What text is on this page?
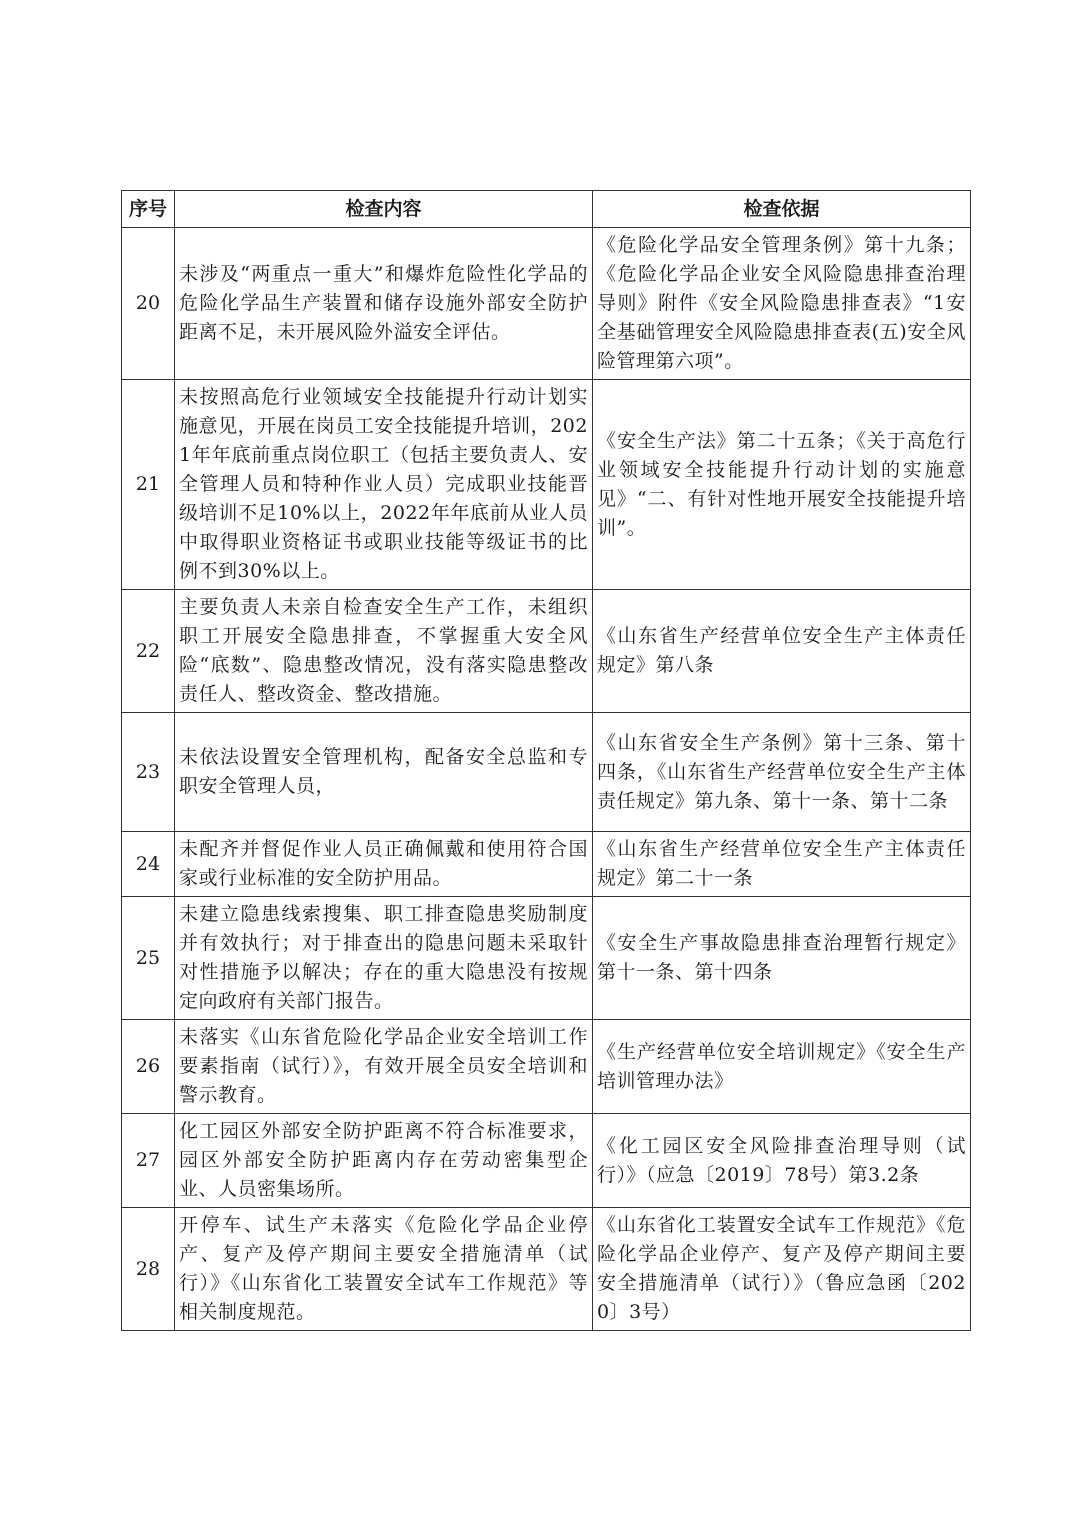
序号	检查内容	检查依据
20	未涉及“两重点一重大”和爆炸危险性化学品的危险化学品生产装置和储存设施外部安全防护距离不足，未开展风险外溢安全评估。	《危险化学品安全管理条例》第十九条；《危险化学品企业安全风险隐患排查治理导则》附件《安全风险隐患排查表》“1安全基础管理安全风险隐患排查表(五)安全风险管理第六项”。
21	未按照高危行业领域安全技能提升行动计划实施意见，开展在岗员工安全技能提升培训，2021年年底前重点岗位职工（包括主要负责人、安全管理人员和特种作业人员）完成职业技能晋级培训不足10%以上，2022年年底前从业人员中取得职业资格证书或职业技能等级证书的比例不到30%以上。	《安全生产法》第二十五条；《关于高危行业领域安全技能提升行动计划的实施意见》“二、有针对性地开展安全技能提升培训”。
22	主要负责人未亲自检查安全生产工作，未组织职工开展安全隐患排查，不掌握重大安全风险“底数”、隐患整改情况，没有落实隐患整改责任人、整改资金、整改措施。	《山东省生产经营单位安全生产主体责任规定》第八条
23	未依法设置安全管理机构，配备安全总监和专职安全管理人员，	《山东省安全生产条例》第十三条、第十四条，《山东省生产经营单位安全生产主体责任规定》第九条、第十一条、第十二条
24	未配齐并督促作业人员正确佩戴和使用符合国家或行业标准的安全防护用品。	《山东省生产经营单位安全生产主体责任规定》第二十一条
25	未建立隐患线索搜集、职工排查隐患奖励制度并有效执行；对于排查出的隐患问题未采取针对性措施予以解决；存在的重大隐患没有按规定向政府有关部门报告。	《安全生产事故隐患排查治理暂行规定》第十一条、第十四条
26	未落实《山东省危险化学品企业安全培训工作要素指南（试行）》，有效开展全员安全培训和警示教育。	《生产经营单位安全培训规定》《安全生产培训管理办法》
27	化工园区外部安全防护距离不符合标准要求，园区外部安全防护距离内存在劳动密集型企业、人员密集场所。	《化工园区安全风险排查治理导则（试行）》（应急〔2019〕78号）第3.2条
28	开停车、试生产未落实《危险化学品企业停产、复产及停产期间主要安全措施清单（试行）》《山东省化工装置安全试车工作规范》等相关制度规范。	《山东省化工装置安全试车工作规范》《危险化学品企业停产、复产及停产期间主要安全措施清单（试行）》（鲁应急函〔2020〕3号）
